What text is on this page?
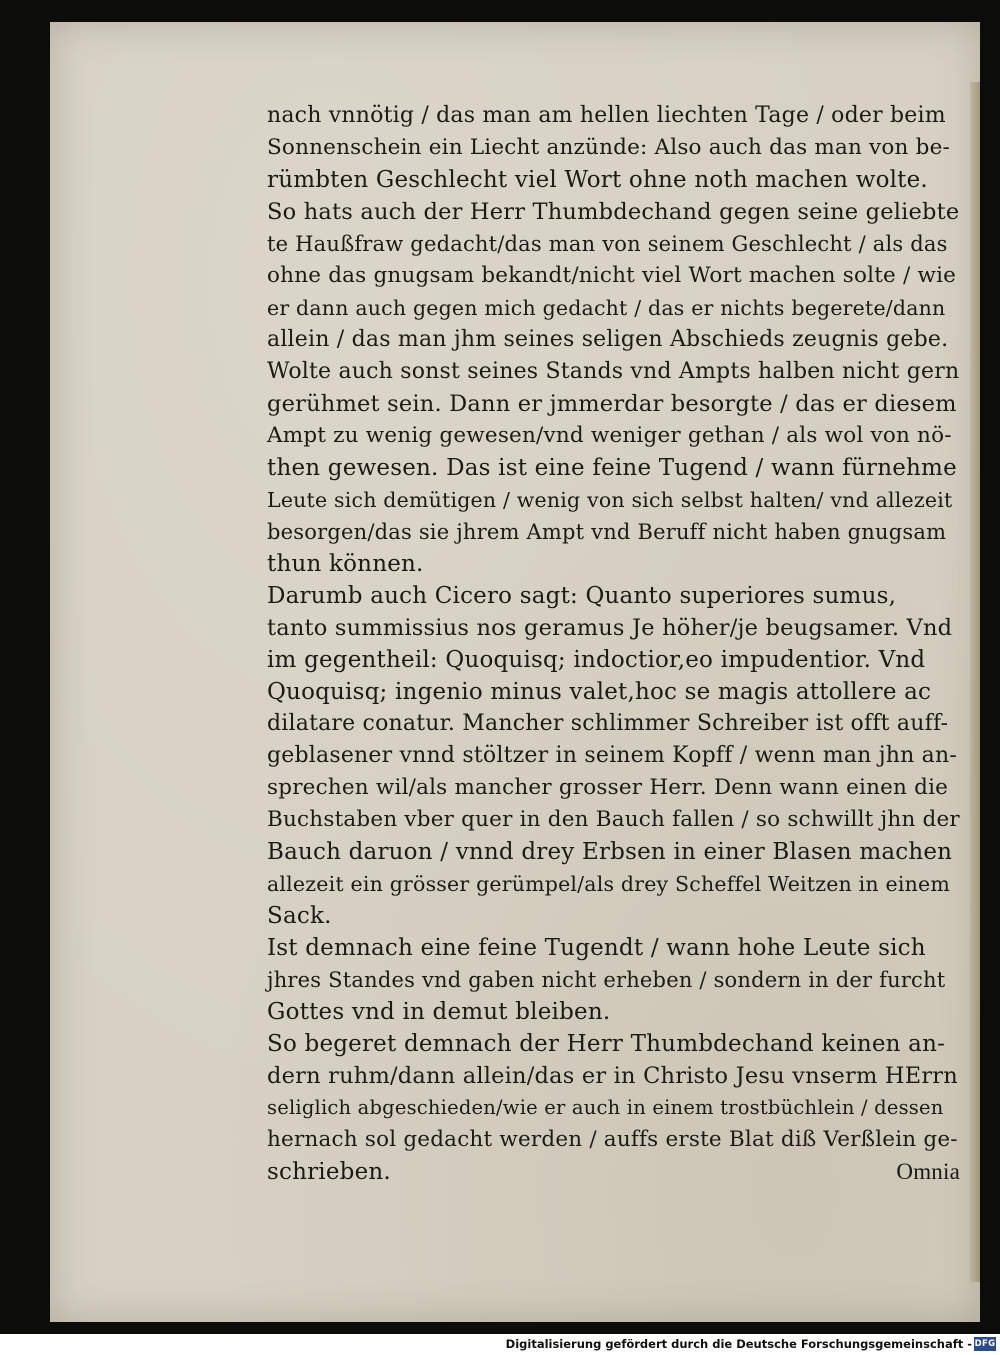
nach vnnötig / das man am hellen liechten Tage / oder beim
Sonnenschein ein Liecht anzünde: Also auch das man von be-
rümbten Geschlecht viel Wort ohne noth machen wolte.
So hats auch der Herr Thumbdechand gegen seine geliebte
te Haußfraw gedacht/das man von seinem Geschlecht / als das
ohne das gnugsam bekandt/nicht viel Wort machen solte / wie
er dann auch gegen mich gedacht / das er nichts begerete/dann
allein / das man jhm seines seligen Abschieds zeugnis gebe.
Wolte auch sonst seines Stands vnd Ampts halben nicht gern
gerühmet sein. Dann er jmmerdar besorgte / das er diesem
Ampt zu wenig gewesen/vnd weniger gethan / als wol von nö-
then gewesen. Das ist eine feine Tugend / wann fürnehme
Leute sich demütigen / wenig von sich selbst halten/ vnd allezeit
besorgen/das sie jhrem Ampt vnd Beruff nicht haben gnugsam
thun können.
Darumb auch Cicero sagt: Quanto superiores sumus,
tanto summissius nos geramus Je höher/je beugsamer. Vnd
im gegentheil: Quoquisq; indoctior,eo impudentior. Vnd
Quoquisq; ingenio minus valet,hoc se magis attollere ac
dilatare conatur. Mancher schlimmer Schreiber ist offt auff-
geblasener vnnd stöltzer in seinem Kopff / wenn man jhn an-
sprechen wil/als mancher grosser Herr. Denn wann einen die
Buchstaben vber quer in den Bauch fallen / so schwillt jhn der
Bauch daruon / vnnd drey Erbsen in einer Blasen machen
allezeit ein grösser gerümpel/als drey Scheffel Weitzen in einem
Sack.
Ist demnach eine feine Tugendt / wann hohe Leute sich
jhres Standes vnd gaben nicht erheben / sondern in der furcht
Gottes vnd in demut bleiben.
So begeret demnach der Herr Thumbdechand keinen an-
dern ruhm/dann allein/das er in Christo Jesu vnserm HErrn
seliglich abgeschieden/wie er auch in einem trostbüchlein / dessen
hernach sol gedacht werden / auffs erste Blat diß Verßlein ge-
schrieben.	Omnia
Digitalisierung gefördert durch die Deutsche Forschungsgemeinschaft - DFG
